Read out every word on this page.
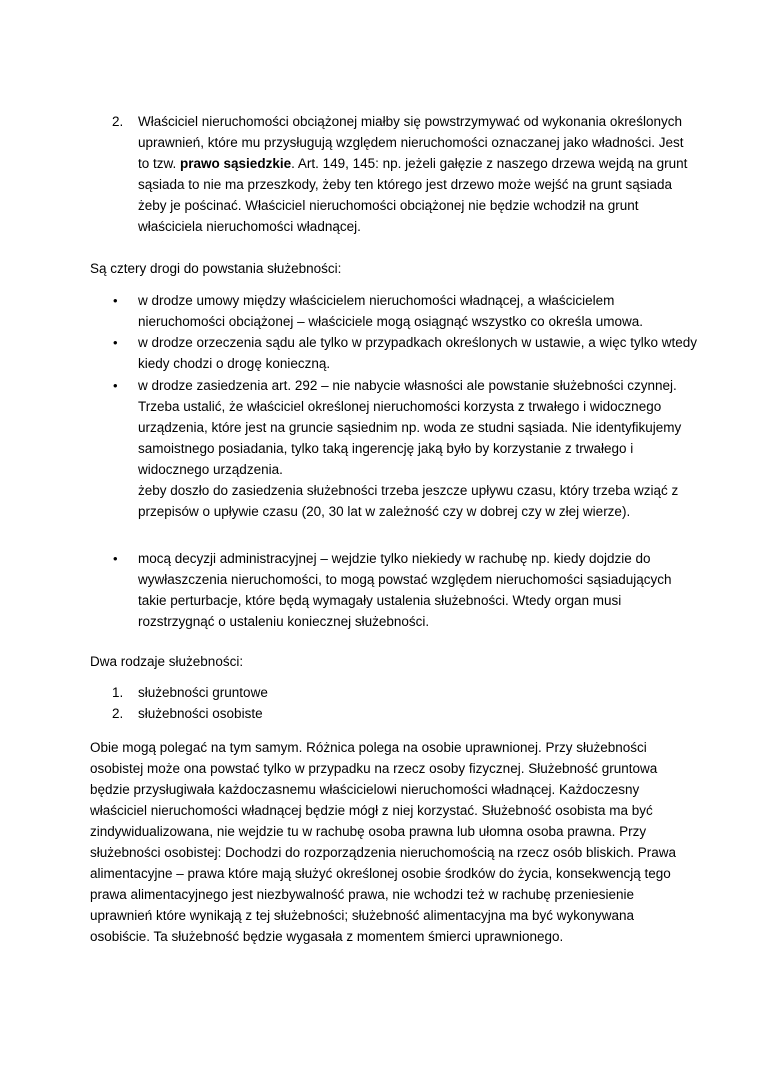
2. Właściciel nieruchomości obciążonej miałby się powstrzymywać od wykonania określonych uprawnień, które mu przysługują względem nieruchomości oznaczanej jako władności. Jest to tzw. prawo sąsiedzkie. Art. 149, 145: np. jeżeli gałęzie z naszego drzewa wejdą na grunt sąsiada to nie ma przeszkody, żeby ten którego jest drzewo może wejść na grunt sąsiada żeby je pościnać. Właściciel nieruchomości obciążonej nie będzie wchodził na grunt właściciela nieruchomości władnącej.

Są cztery drogi do powstania służebności:

• w drodze umowy między właścicielem nieruchomości władnącej, a właścicielem nieruchomości obciążonej – właściciele mogą osiągnąć wszystko co określa umowa.
• w drodze orzeczenia sądu ale tylko w przypadkach określonych w ustawie, a więc tylko wtedy kiedy chodzi o drogę konieczną.
• w drodze zasiedzenia art. 292 – nie nabycie własności ale powstanie służebności czynnej. Trzeba ustalić, że właściciel określonej nieruchomości korzysta z trwałego i widocznego urządzenia, które jest na gruncie sąsiednim np. woda ze studni sąsiada. Nie identyfikujemy samoistnego posiadania, tylko taką ingerencję jaką było by korzystanie z trwałego i widocznego urządzenia.
żeby doszło do zasiedzenia służebności trzeba jeszcze upływu czasu, który trzeba wziąć z przepisów o upływie czasu (20, 30 lat w zależność czy w dobrej czy w złej wierze).
• mocą decyzji administracyjnej – wejdzie tylko niekiedy w rachubę np. kiedy dojdzie do wywłaszczenia nieruchomości, to mogą powstać względem nieruchomości sąsiadujących takie perturbacje, które będą wymagały ustalenia służebności. Wtedy organ musi rozstrzygnąć o ustaleniu koniecznej służebności.

Dwa rodzaje służebności:

1. służebności gruntowe
2. służebności osobiste

Obie mogą polegać na tym samym. Różnica polega na osobie uprawnionej. Przy służebności osobistej może ona powstać tylko w przypadku na rzecz osoby fizycznej. Służebność gruntowa będzie przysługiwała każdoczasnemu właścicielowi nieruchomości władnącej. Każdoczesny właściciel nieruchomości władnącej będzie mógł z niej korzystać. Służebność osobista ma być zindywidualizowana, nie wejdzie tu w rachubę osoba prawna lub ułomna osoba prawna. Przy służebności osobistej: Dochodzi do rozporządzenia nieruchomością na rzecz osób bliskich. Prawa alimentacyjne – prawa które mają służyć określonej osobie środków do życia, konsekwencją tego prawa alimentacyjnego jest niezbywalność prawa, nie wchodzi też w rachubę przeniesienie uprawnień które wynikają z tej służebności; służebność alimentacyjna ma być wykonywana osobiście. Ta służebność będzie wygasała z momentem śmierci uprawnionego.
